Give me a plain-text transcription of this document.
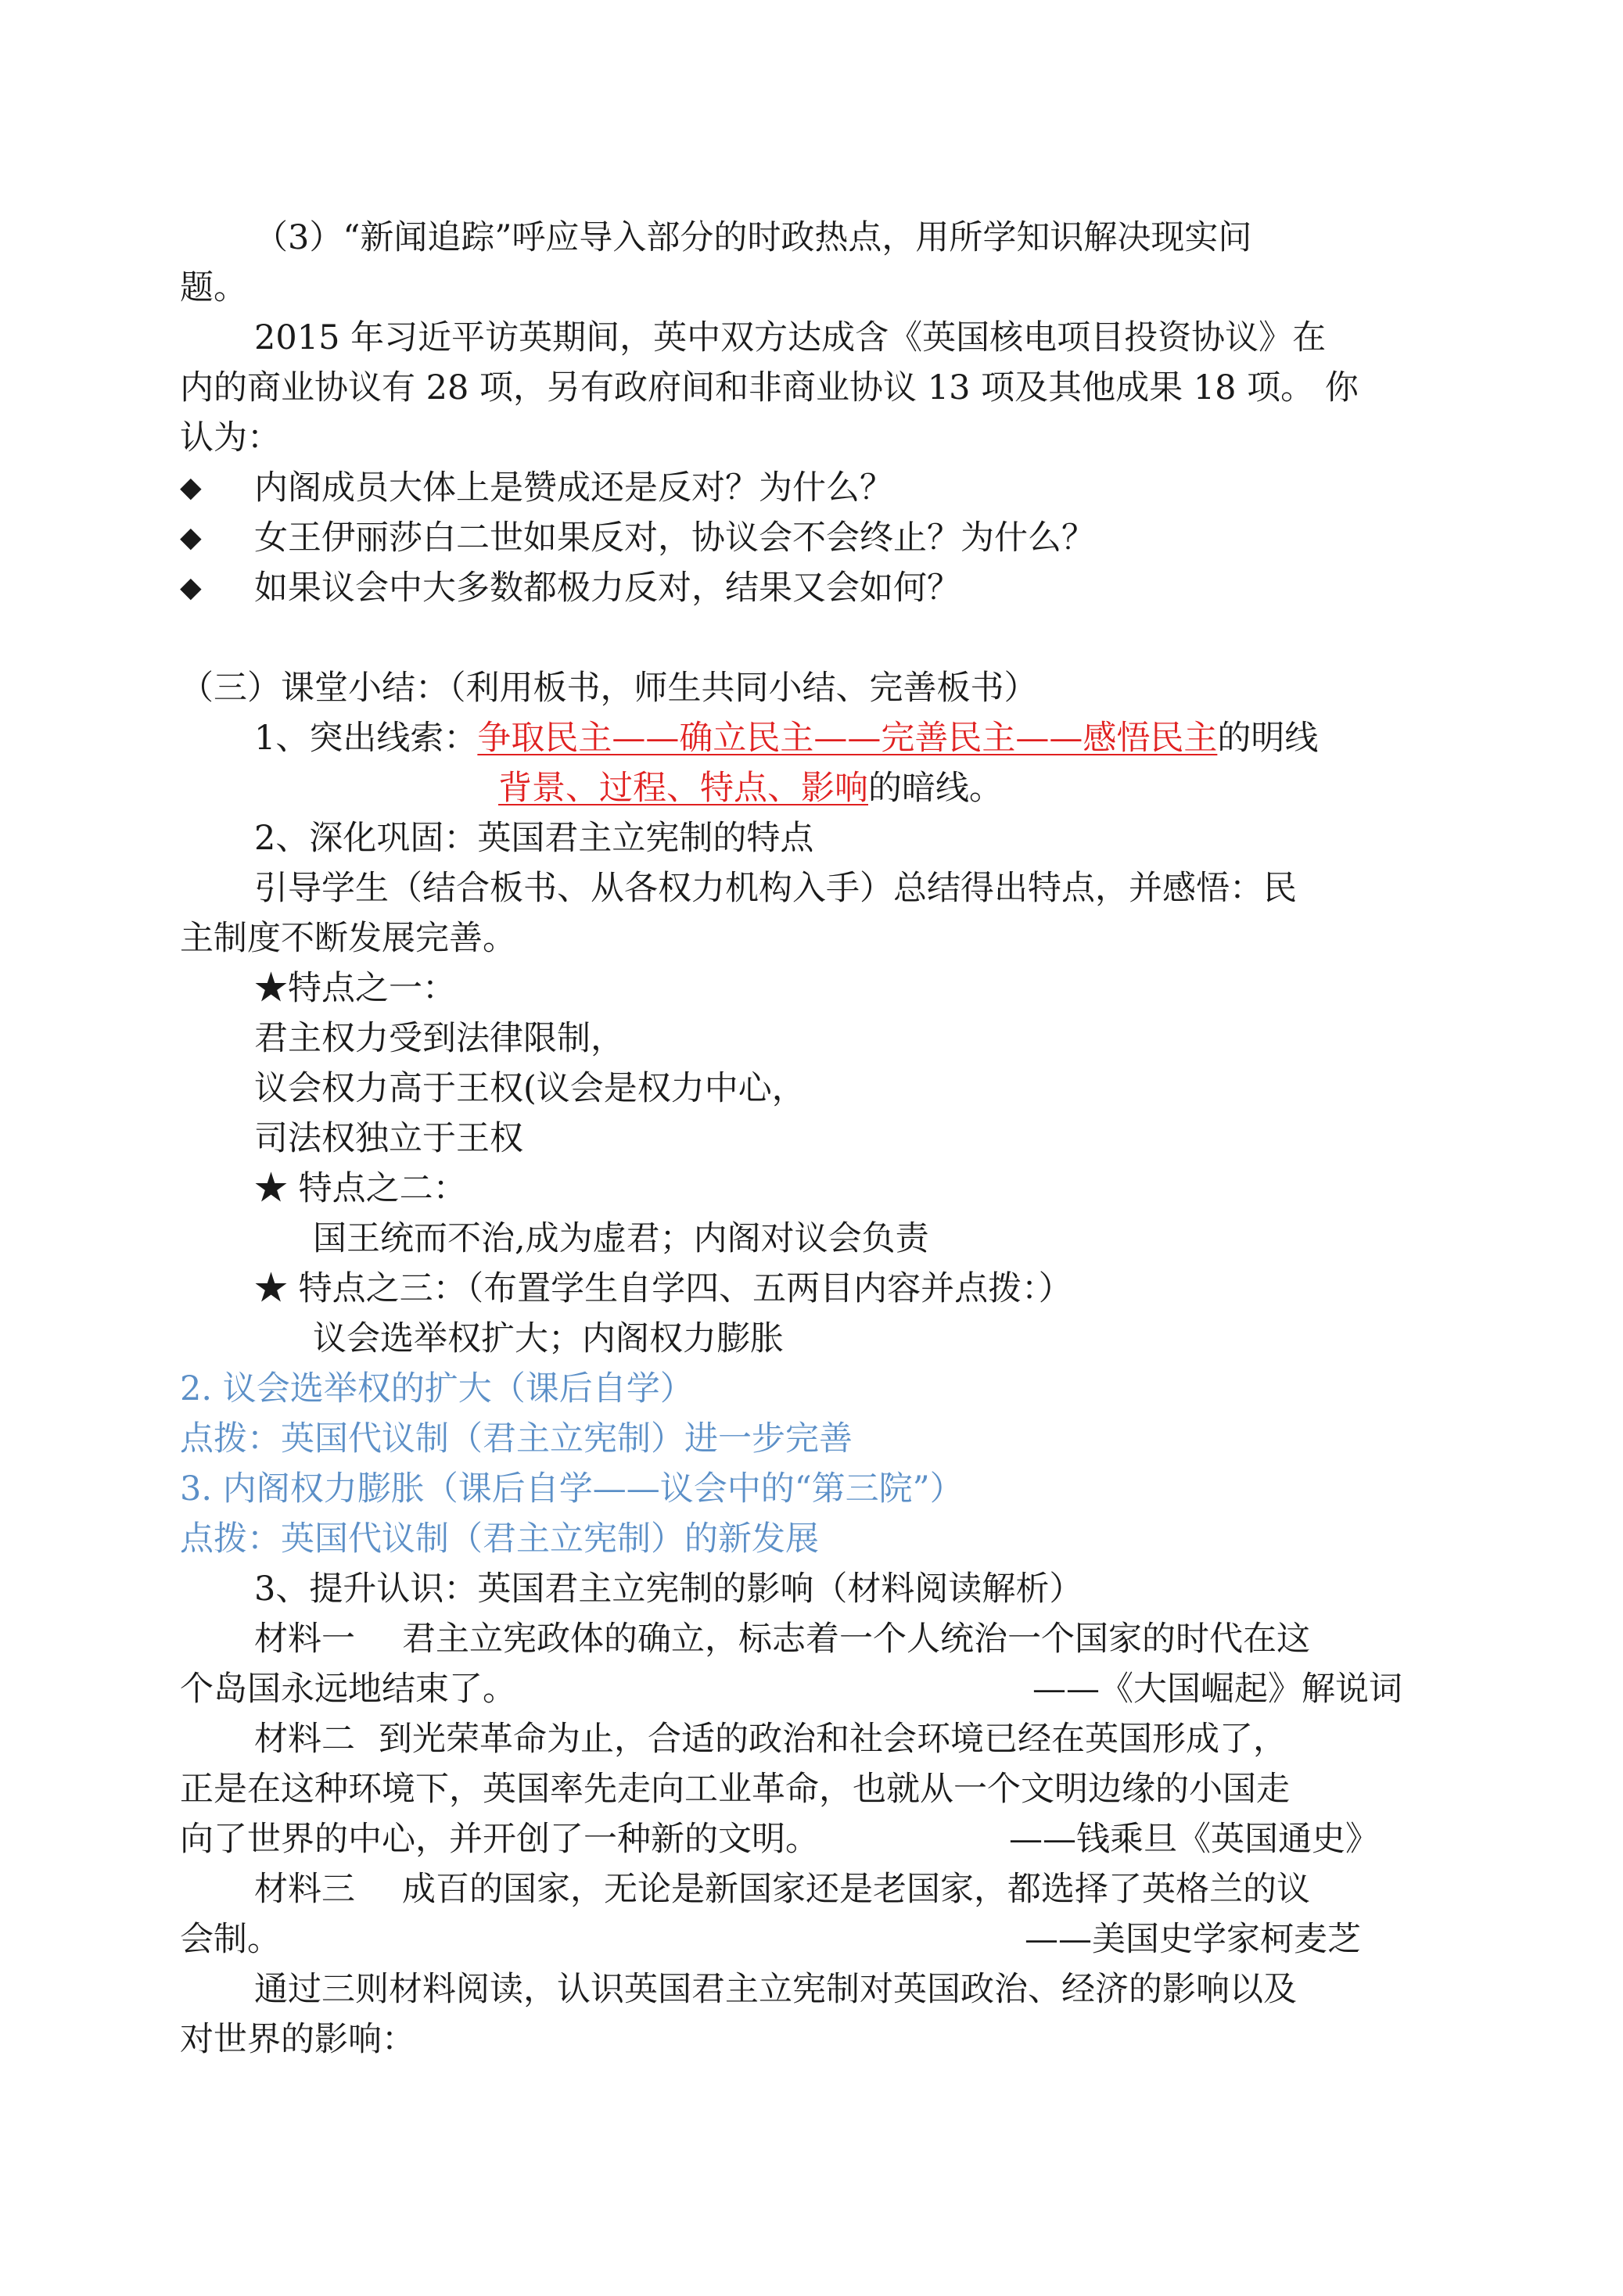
（3）“新闻追踪”呼应导入部分的时政热点，用所学知识解决现实问
题。
2015 年习近平访英期间，英中双方达成含《英国核电项目投资协议》在
内的商业协议有 28 项，另有政府间和非商业协议 13 项及其他成果 18 项。 你
认为：
◆ 内阁成员大体上是赞成还是反对？为什么？
◆ 女王伊丽莎白二世如果反对，协议会不会终止？为什么？
◆ 如果议会中大多数都极力反对，结果又会如何？
（三）课堂小结：（利用板书，师生共同小结、完善板书）
1、突出线索：争取民主——确立民主——完善民主——感悟民主的明线
背景、过程、特点、影响的暗线。
2、深化巩固：英国君主立宪制的特点
引导学生（结合板书、从各权力机构入手）总结得出特点，并感悟：民
主制度不断发展完善。
★特点之一：
君主权力受到法律限制，
议会权力高于王权(议会是权力中心，
司法权独立于王权
★ 特点之二：
国王统而不治,成为虚君；内阁对议会负责
★ 特点之三：（布置学生自学四、五两目内容并点拨：）
议会选举权扩大；内阁权力膨胀
2. 议会选举权的扩大（课后自学）
点拨：英国代议制（君主立宪制）进一步完善
3. 内阁权力膨胀（课后自学——议会中的“第三院”）
点拨：英国代议制（君主立宪制）的新发展
3、提升认识：英国君主立宪制的影响（材料阅读解析）
材料一 君主立宪政体的确立，标志着一个人统治一个国家的时代在这
个岛国永远地结束了。	——《大国崛起》解说词
材料二 到光荣革命为止，合适的政治和社会环境已经在英国形成了，
正是在这种环境下，英国率先走向工业革命，也就从一个文明边缘的小国走
向了世界的中心，并开创了一种新的文明。	——钱乘旦《英国通史》
材料三 成百的国家，无论是新国家还是老国家，都选择了英格兰的议
会制。	——美国史学家柯麦芝
通过三则材料阅读，认识英国君主立宪制对英国政治、经济的影响以及
对世界的影响：
